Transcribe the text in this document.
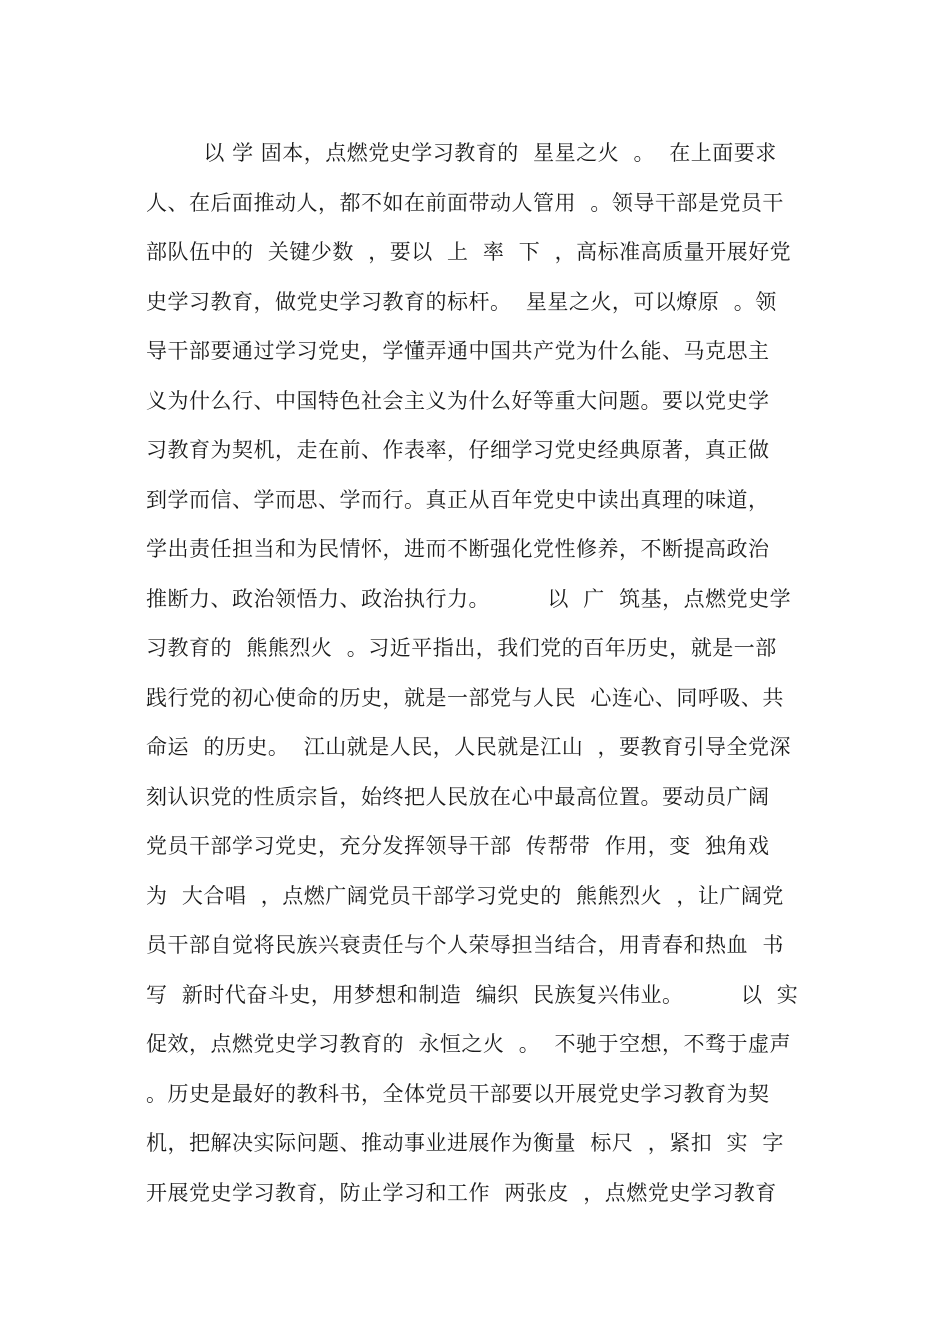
以 学 固本，点燃党史学习教育的  星星之火  。  在上面要求
人、在后面推动人，都不如在前面带动人管用  。领导干部是党员干
部队伍中的  关键少数  ，要以  上  率  下  ，高标准高质量开展好党
史学习教育，做党史学习教育的标杆。  星星之火，可以燎原  。领
导干部要通过学习党史，学懂弄通中国共产党为什么能、马克思主
义为什么行、中国特色社会主义为什么好等重大问题。要以党史学
习教育为契机，走在前、作表率，仔细学习党史经典原著，真正做
到学而信、学而思、学而行。真正从百年党史中读出真理的味道，
学出责任担当和为民情怀，进而不断强化党性修养，不断提高政治
推断力、政治领悟力、政治执行力。        以  广  筑基，点燃党史学
习教育的  熊熊烈火  。习近平指出，我们党的百年历史，就是一部
践行党的初心使命的历史，就是一部党与人民  心连心、同呼吸、共
命运  的历史。  江山就是人民，人民就是江山  ，要教育引导全党深
刻认识党的性质宗旨，始终把人民放在心中最高位置。要动员广阔
党员干部学习党史，充分发挥领导干部  传帮带  作用，变  独角戏
为  大合唱  ，点燃广阔党员干部学习党史的  熊熊烈火  ，让广阔党
员干部自觉将民族兴衰责任与个人荣辱担当结合，用青春和热血  书
写  新时代奋斗史，用梦想和制造  编织  民族复兴伟业。        以  实
促效，点燃党史学习教育的  永恒之火  。  不驰于空想，不骛于虚声
。历史是最好的教科书，全体党员干部要以开展党史学习教育为契
机，把解决实际问题、推动事业进展作为衡量  标尺  ，紧扣  实  字
开展党史学习教育，防止学习和工作  两张皮  ，点燃党史学习教育
